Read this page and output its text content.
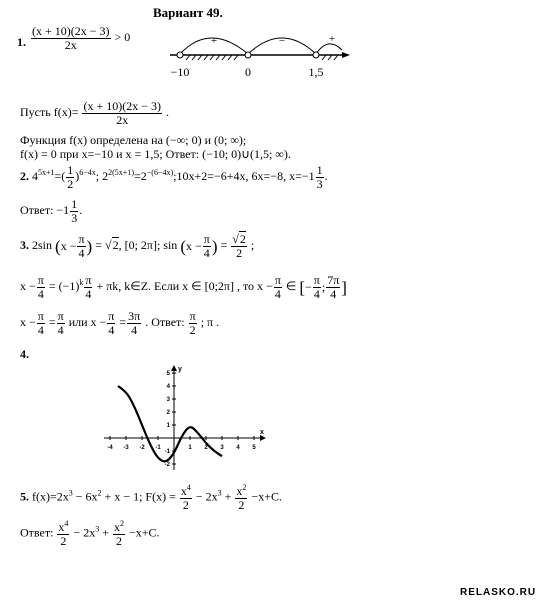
Вариант 49.
1. $\frac{(x + 10)(2x - 3)}{2x} > 0$	+	−	+
−10	0	1,5
Пусть $f(x)= \frac{(x + 10)(2x - 3)}{2x}$ .
Функция f(x) определена на (−∞; 0) и (0; ∞);
f(x) = 0 при x=−10 и x = 1,5; Ответ: (−10; 0)∪(1,5; ∞).
2. $4^{5x+1}=( \frac{1}{2} )^{6-4x}$; $2^{2(5x+1)}=2^{-(6-4x)};10x+2=-6+4x$, 6x=−8, $x=-1 \frac{1}{3}$ .
Ответ: $-1 \frac{1}{3}$ .
3. 2sin ( $x - \frac{\pi}{4}$ ) = √2, [0; 2π]; sin ( $x - \frac{\pi}{4}$ ) = $\frac{√2}{2}$ ;
$x - \frac{\pi}{4} = (-1)^k \frac{\pi}{4} + \pi k$, k∈Z. Если x ∈ [0;2π] , то $x - \frac{\pi}{4}$ ∈ [ − $\frac{\pi}{4}$ ; $\frac{7\pi}{4}$ ]
$x - \frac{\pi}{4} = \frac{\pi}{4}$ или $x - \frac{\pi}{4} = \frac{3\pi}{4}$ . Ответ: $\frac{\pi}{2}$ ; π .
4.
-4 -3 -2 -1	1 2 3 4 5
5
4
3
2
1
-1
-2
x
y
5. $f(x)=2x^3 - 6x^2 + x - 1$; $F(x) = \frac{x^4}{2} - 2x^3 + \frac{x^2}{2} -x+C$.
Ответ: $\frac{x^4}{2} - 2x^3 + \frac{x^2}{2} -x+C$.
RELASKO.RU
